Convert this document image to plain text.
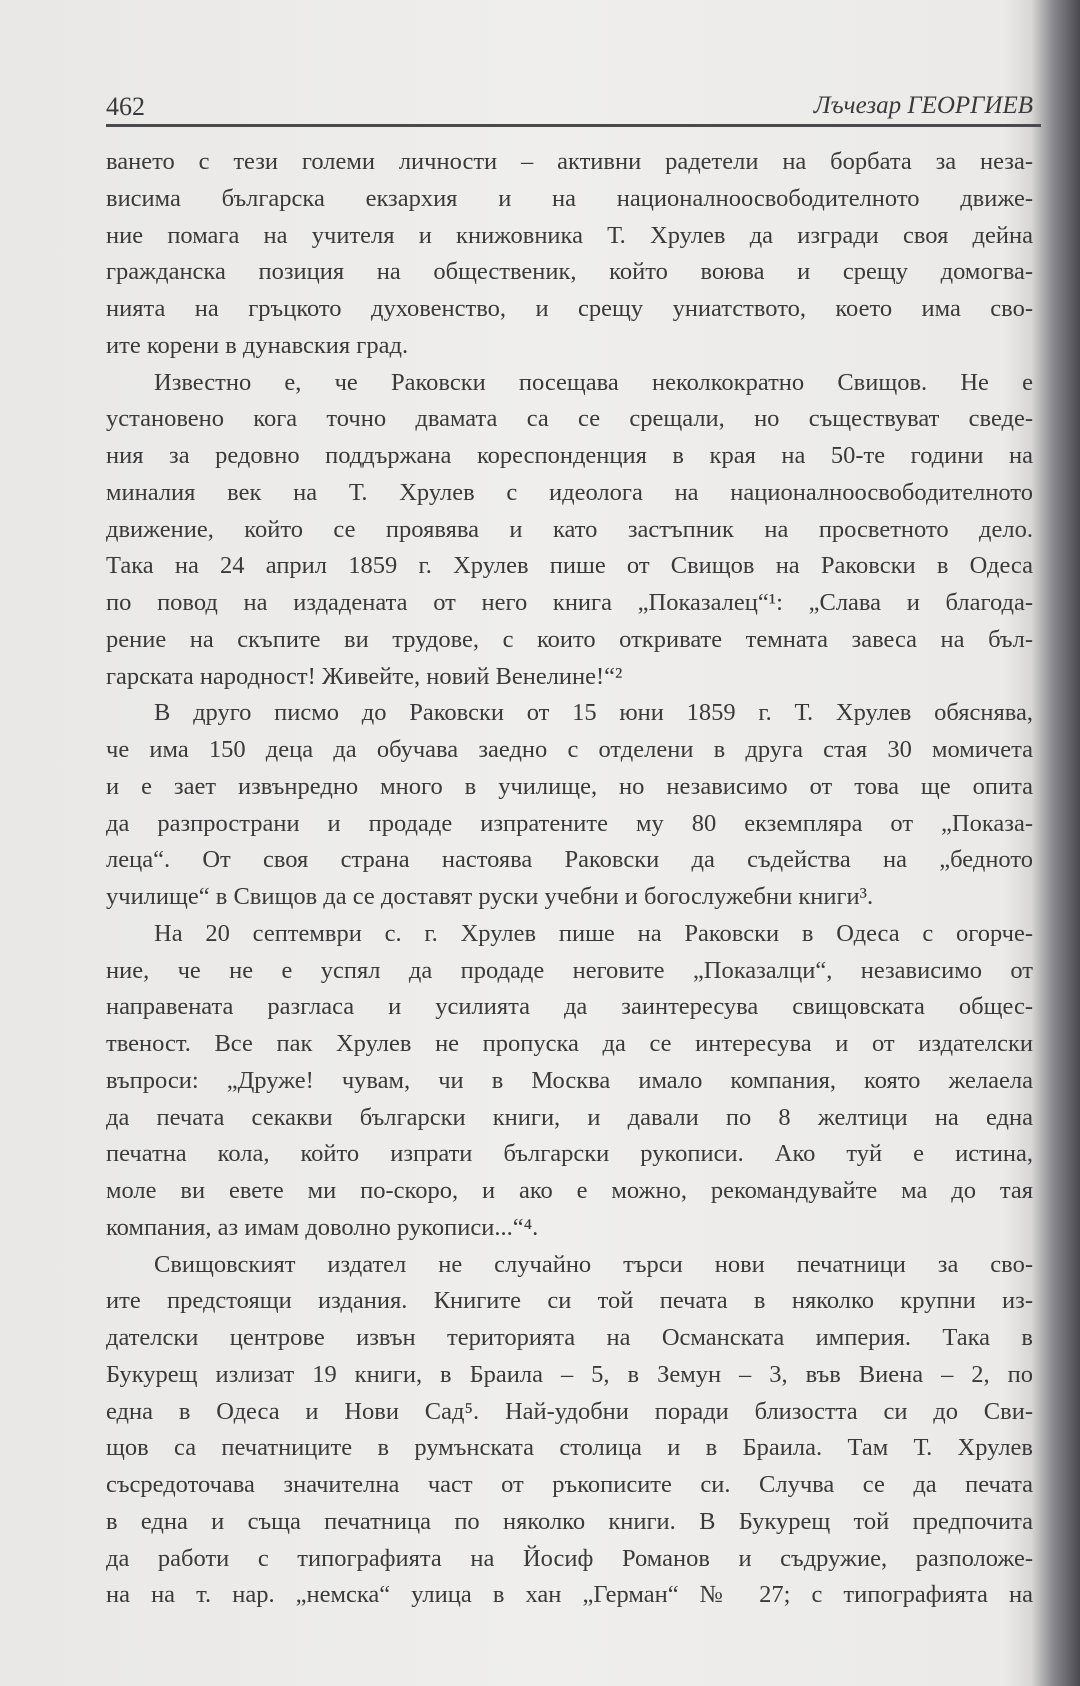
462	Лъчезар ГЕОРГИЕВ
ването с тези големи личности – активни радетели на борбата за неза-
висима българска екзархия и на националноосвободителното движе-
ние помага на учителя и книжовника Т. Хрулев да изгради своя дейна
гражданска позиция на общественик, който воюва и срещу домогва-
нията на гръцкото духовенство, и срещу униатството, което има сво-
ите корени в дунавския град.
Известно е, че Раковски посещава неколкократно Свищов. Не е
установено кога точно двамата са се срещали, но съществуват сведе-
ния за редовно поддържана кореспонденция в края на 50-те години на
миналия век на Т. Хрулев с идеолога на националноосвободителното
движение, който се проявява и като застъпник на просветното дело.
Така на 24 април 1859 г. Хрулев пише от Свищов на Раковски в Одеса
по повод на издадената от него книга „Показалец“¹: „Слава и благода-
рение на скъпите ви трудове, с които откривате темната завеса на бъл-
гарската народност! Живейте, новий Венелине!“²
В друго писмо до Раковски от 15 юни 1859 г. Т. Хрулев обяснява,
че има 150 деца да обучава заедно с отделени в друга стая 30 момичета
и е зает извънредно много в училище, но независимо от това ще опита
да разпространи и продаде изпратените му 80 екземпляра от „Показа-
леца“. От своя страна настоява Раковски да съдейства на „бедното
училище“ в Свищов да се доставят руски учебни и богослужебни книги³.
На 20 септември с. г. Хрулев пише на Раковски в Одеса с огорче-
ние, че не е успял да продаде неговите „Показалци“, независимо от
направената разгласа и усилията да заинтересува свищовската общес-
твеност. Все пак Хрулев не пропуска да се интересува и от издателски
въпроси: „Друже! чувам, чи в Москва имало компания, която желаела
да печата секакви български книги, и давали по 8 желтици на една
печатна кола, който изпрати български рукописи. Ако туй е истина,
моле ви евете ми по-скоро, и ако е можно, рекомандувайте ма до тая
компания, аз имам доволно рукописи...“⁴.
Свищовският издател не случайно търси нови печатници за сво-
ите предстоящи издания. Книгите си той печата в няколко крупни из-
дателски центрове извън територията на Османската империя. Така в
Букурещ излизат 19 книги, в Браила – 5, в Земун – 3, във Виена – 2, по
една в Одеса и Нови Сад⁵. Най-удобни поради близостта си до Сви-
щов са печатниците в румънската столица и в Браила. Там Т. Хрулев
съсредоточава значителна част от ръкописите си. Случва се да печата
в една и съща печатница по няколко книги. В Букурещ той предпочита
да работи с типографията на Йосиф Романов и съдружие, разположе-
на на т. нар. „немска“ улица в хан „Герман“ № 27; с типографията на
